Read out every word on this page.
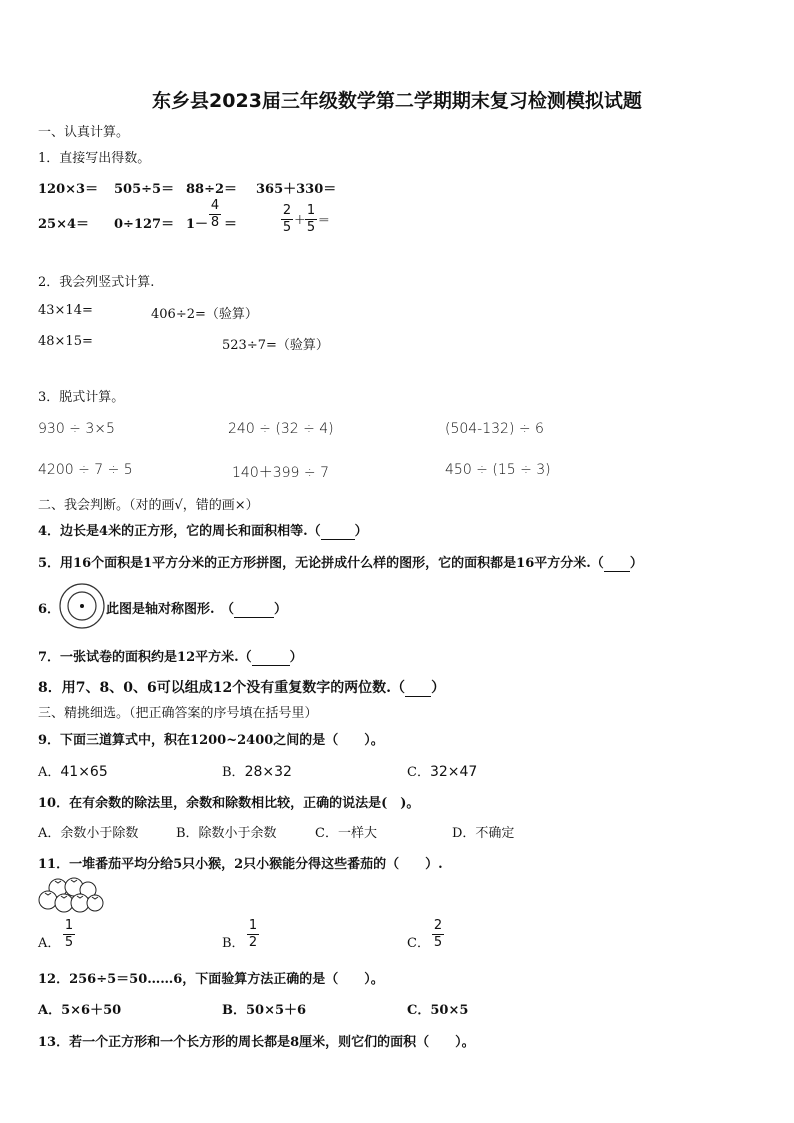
东乡县2023届三年级数学第二学期期末复习检测模拟试题
一、认真计算。
1．直接写出得数。
120×3＝ 505÷5＝ 88÷2＝ 365＋330＝
25×4＝ 0÷127＝ 1－
4
8 ＝
2
5 +
1
5 =
2．我会列竖式计算.
43×14=	406÷2=（验算）
48×15=	523÷7=（验算）
3．脱式计算。
930 ÷ 3×5	240 ÷ (32 ÷ 4)	(504-132) ÷ 6
4200 ÷ 7 ÷ 5	140＋399 ÷ 7	450 ÷ (15 ÷ 3)
二、我会判断。（对的画√，错的画×）
4．边长是4米的正方形，它的周长和面积相等.（	）
5．用16个面积是1平方分米的正方形拼图，无论拼成什么样的图形，它的面积都是16平方分米.（ ）
6．	此图是轴对称图形.　（	）
7．一张试卷的面积约是12平方米.（	）
8．用7、8、0、6可以组成12个没有重复数字的两位数.（ ）
三、精挑细选。（把正确答案的序号填在括号里）
9．下面三道算式中，积在1200~2400之间的是（　　）。
A．41×65	B．28×32	C．32×47
10．在有余数的除法里，余数和除数相比较，正确的说法是(　)。
A．余数小于除数	B．除数小于余数	C．一样大	D．不确定
11．一堆番茄平均分给5只小猴，2只小猴能分得这些番茄的（　　）.
A．
1
5	B．
1
2	C．
2
5
12．256÷5＝50……6，下面验算方法正确的是（　　）。
A．5×6＋50	B．50×5＋6	C．50×5
13．若一个正方形和一个长方形的周长都是8厘米，则它们的面积（　　）。
